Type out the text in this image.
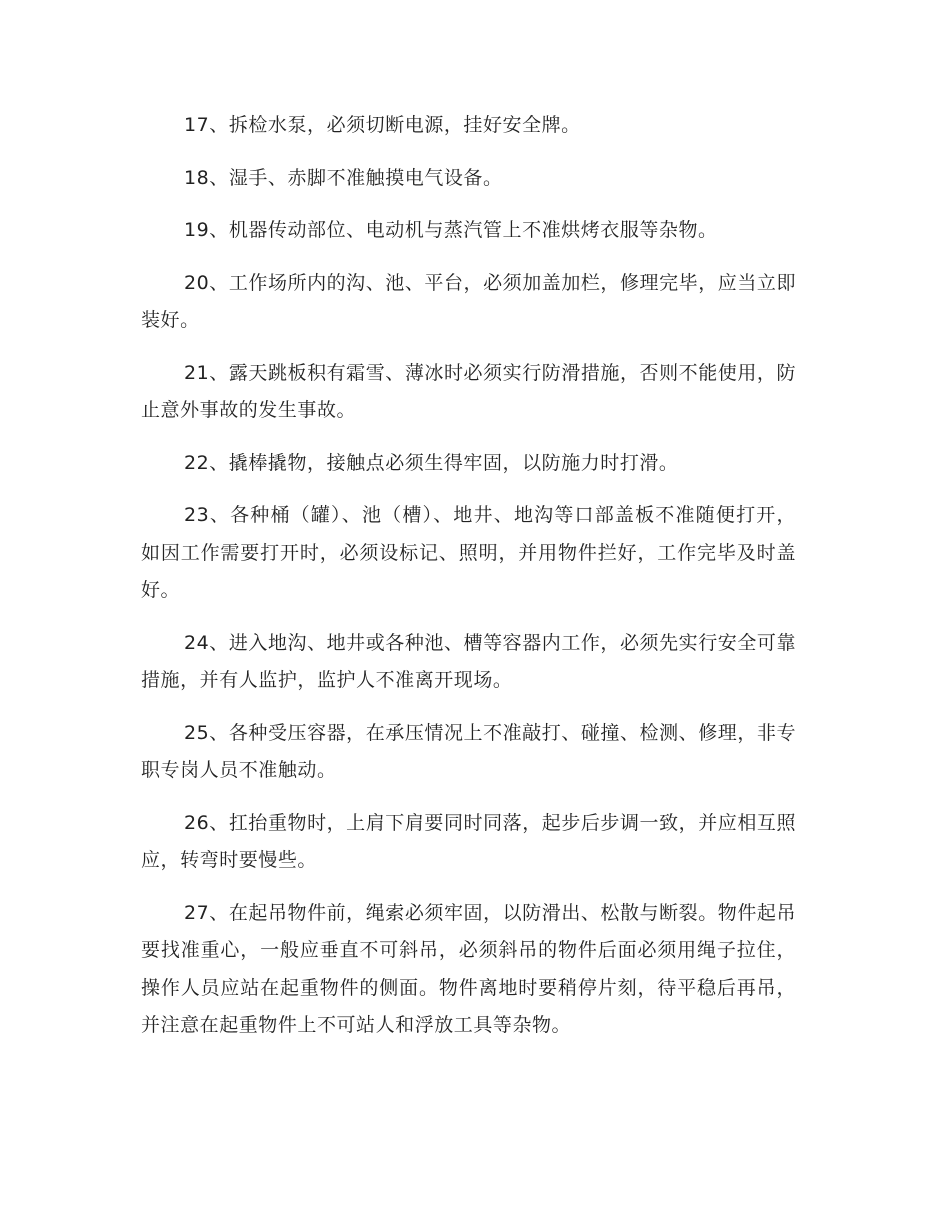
17、拆检水泵，必须切断电源，挂好安全牌。

18、湿手、赤脚不准触摸电气设备。

19、机器传动部位、电动机与蒸汽管上不准烘烤衣服等杂物。

20、工作场所内的沟、池、平台，必须加盖加栏，修理完毕，应当立即装好。

21、露天跳板积有霜雪、薄冰时必须实行防滑措施，否则不能使用，防止意外事故的发生事故。

22、撬棒撬物，接触点必须生得牢固，以防施力时打滑。

23、各种桶（罐）、池（槽）、地井、地沟等口部盖板不准随便打开，如因工作需要打开时，必须设标记、照明，并用物件拦好，工作完毕及时盖好。

24、进入地沟、地井或各种池、槽等容器内工作，必须先实行安全可靠措施，并有人监护，监护人不准离开现场。

25、各种受压容器，在承压情况上不准敲打、碰撞、检测、修理，非专职专岗人员不准触动。

26、扛抬重物时，上肩下肩要同时同落，起步后步调一致，并应相互照应，转弯时要慢些。

27、在起吊物件前，绳索必须牢固，以防滑出、松散与断裂。物件起吊要找准重心，一般应垂直不可斜吊，必须斜吊的物件后面必须用绳子拉住，操作人员应站在起重物件的侧面。物件离地时要稍停片刻，待平稳后再吊，并注意在起重物件上不可站人和浮放工具等杂物。
